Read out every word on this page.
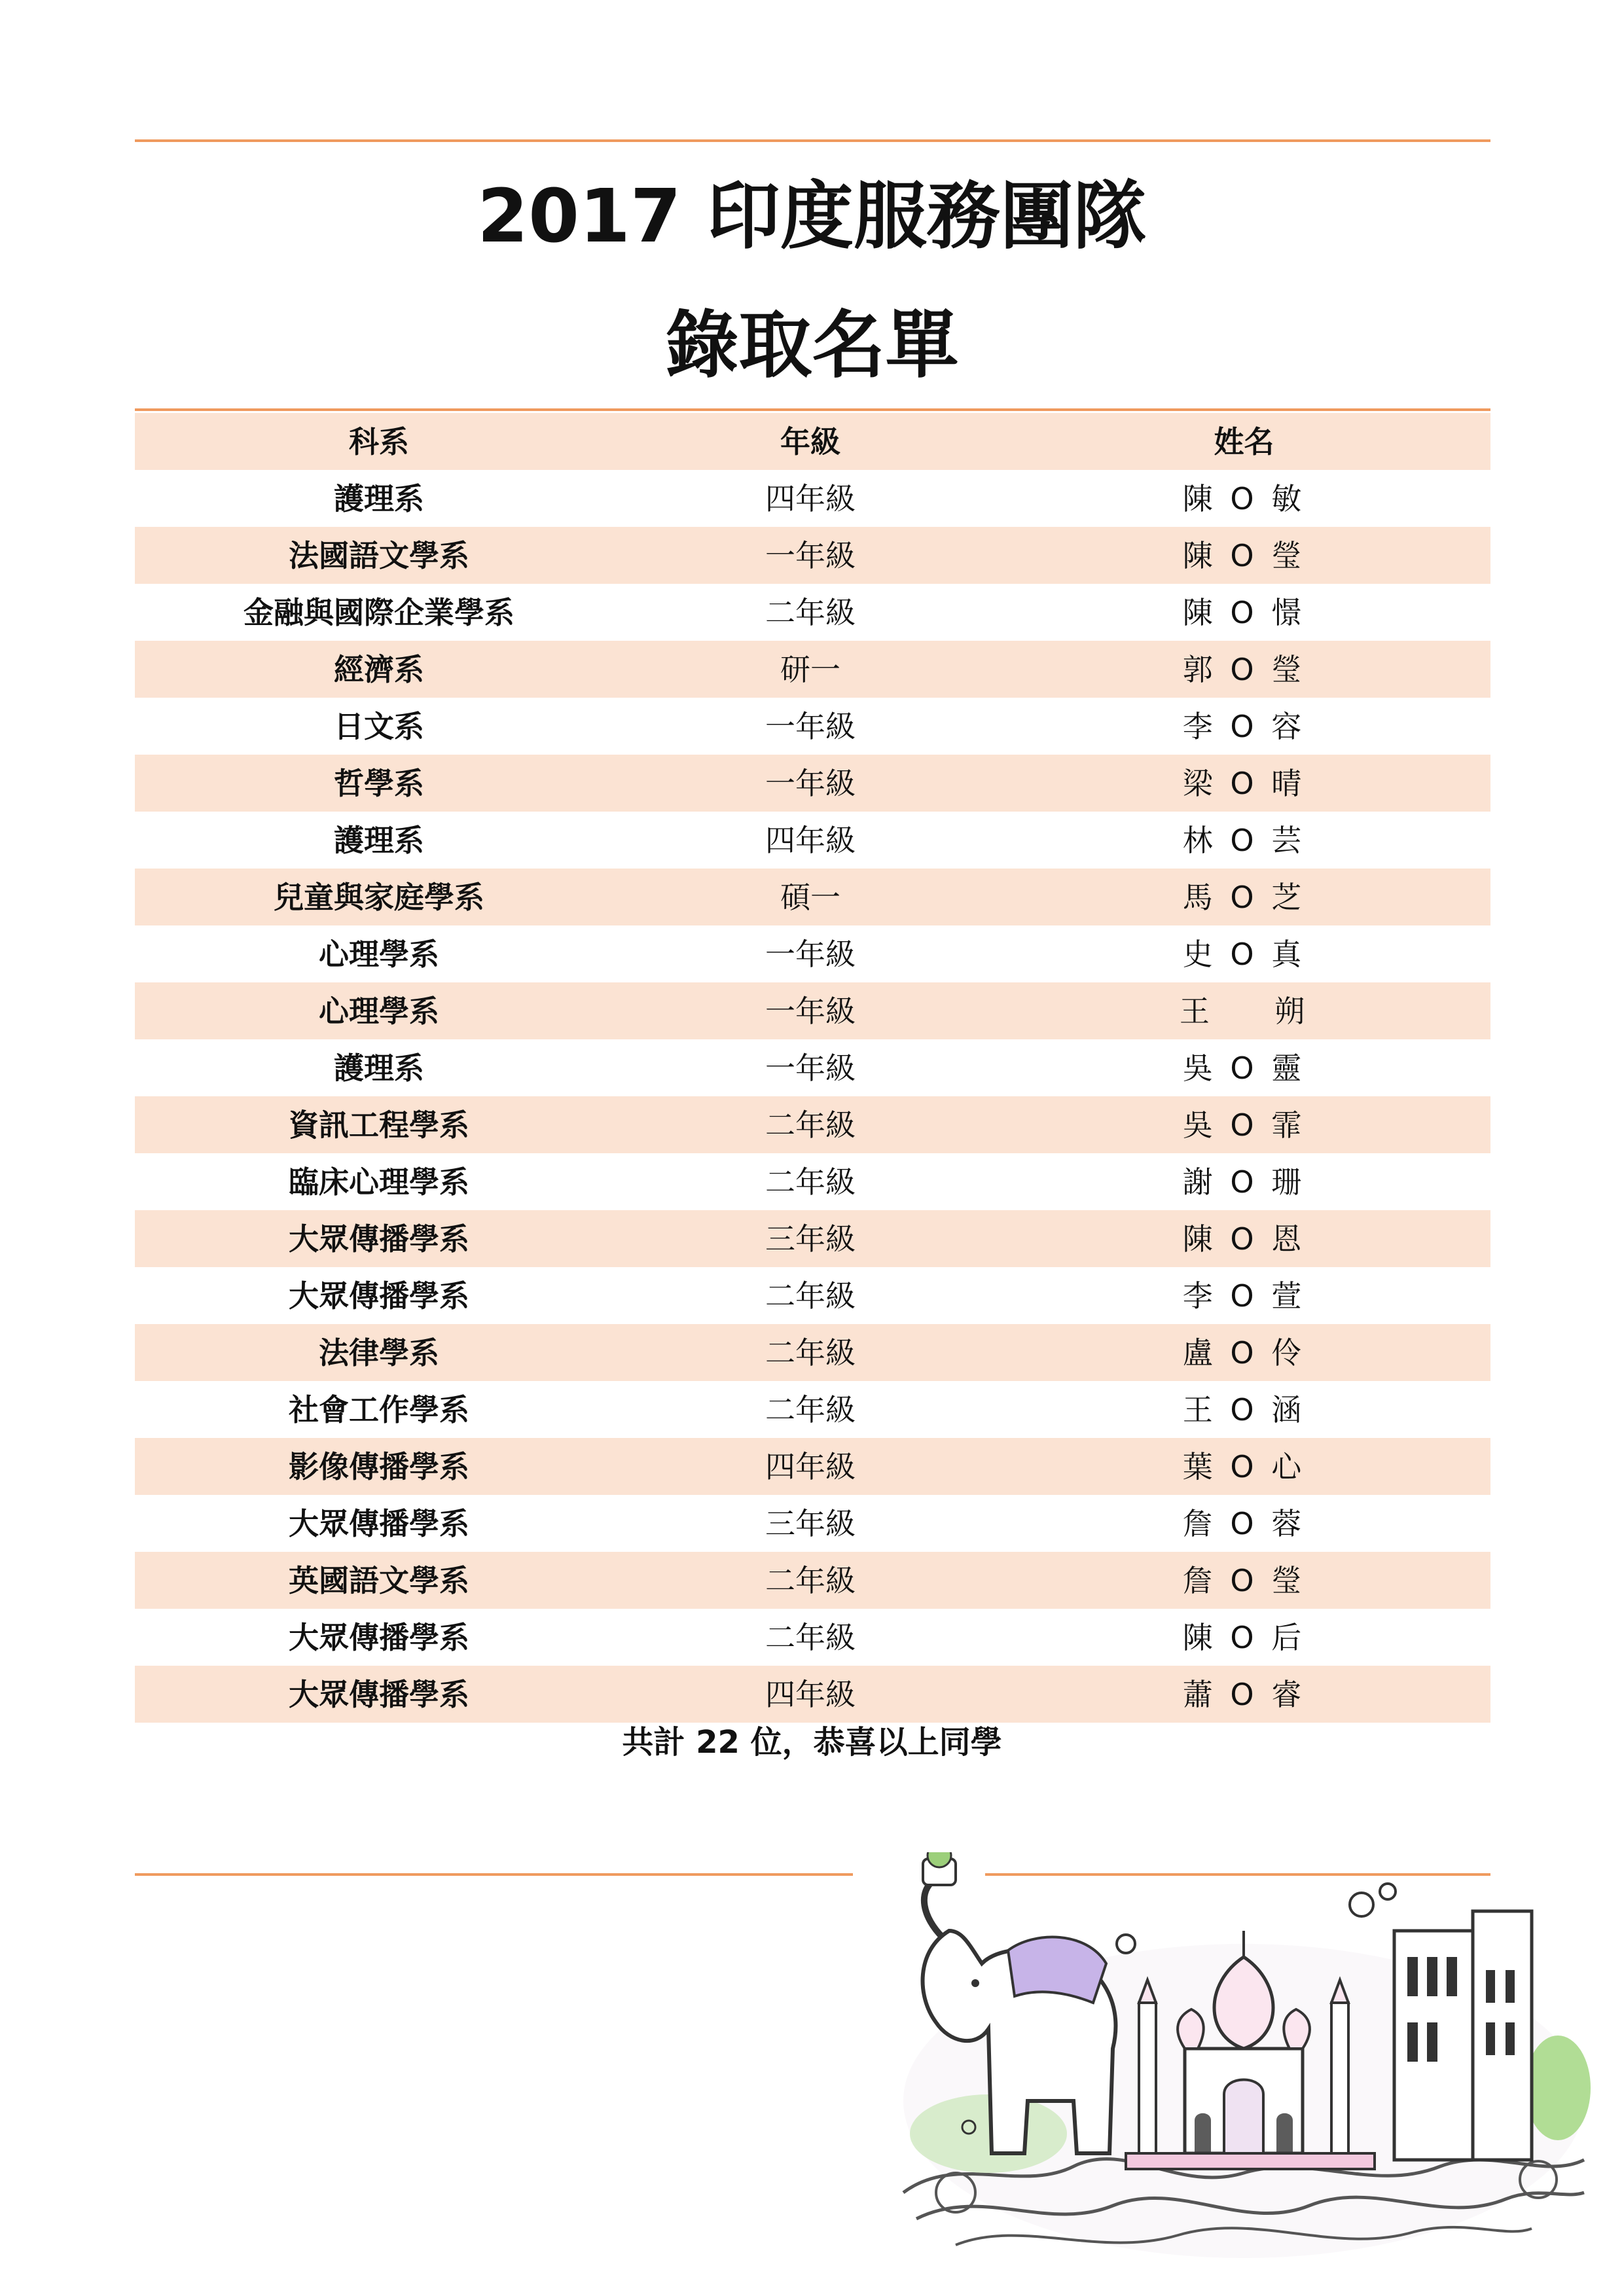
2017 印度服務團隊
錄取名單
科系	年級	姓名
護理系	四年級	陳 O 敏
法國語文學系	一年級	陳 O 瑩
金融與國際企業學系	二年級	陳 O 憬
經濟系	研一	郭 O 瑩
日文系	一年級	李 O 容
哲學系	一年級	梁 O 晴
護理系	四年級	林 O 芸
兒童與家庭學系	碩一	馬 O 芝
心理學系	一年級	史 O 真
心理學系	一年級	王 　 朔
護理系	一年級	吳 O 靈
資訊工程學系	二年級	吳 O 霏
臨床心理學系	二年級	謝 O 珊
大眾傳播學系	三年級	陳 O 恩
大眾傳播學系	二年級	李 O 萱
法律學系	二年級	盧 O 伶
社會工作學系	二年級	王 O 涵
影像傳播學系	四年級	葉 O 心
大眾傳播學系	三年級	詹 O 蓉
英國語文學系	二年級	詹 O 瑩
大眾傳播學系	二年級	陳 O 后
大眾傳播學系	四年級	蕭 O 睿
共計 22 位，恭喜以上同學
